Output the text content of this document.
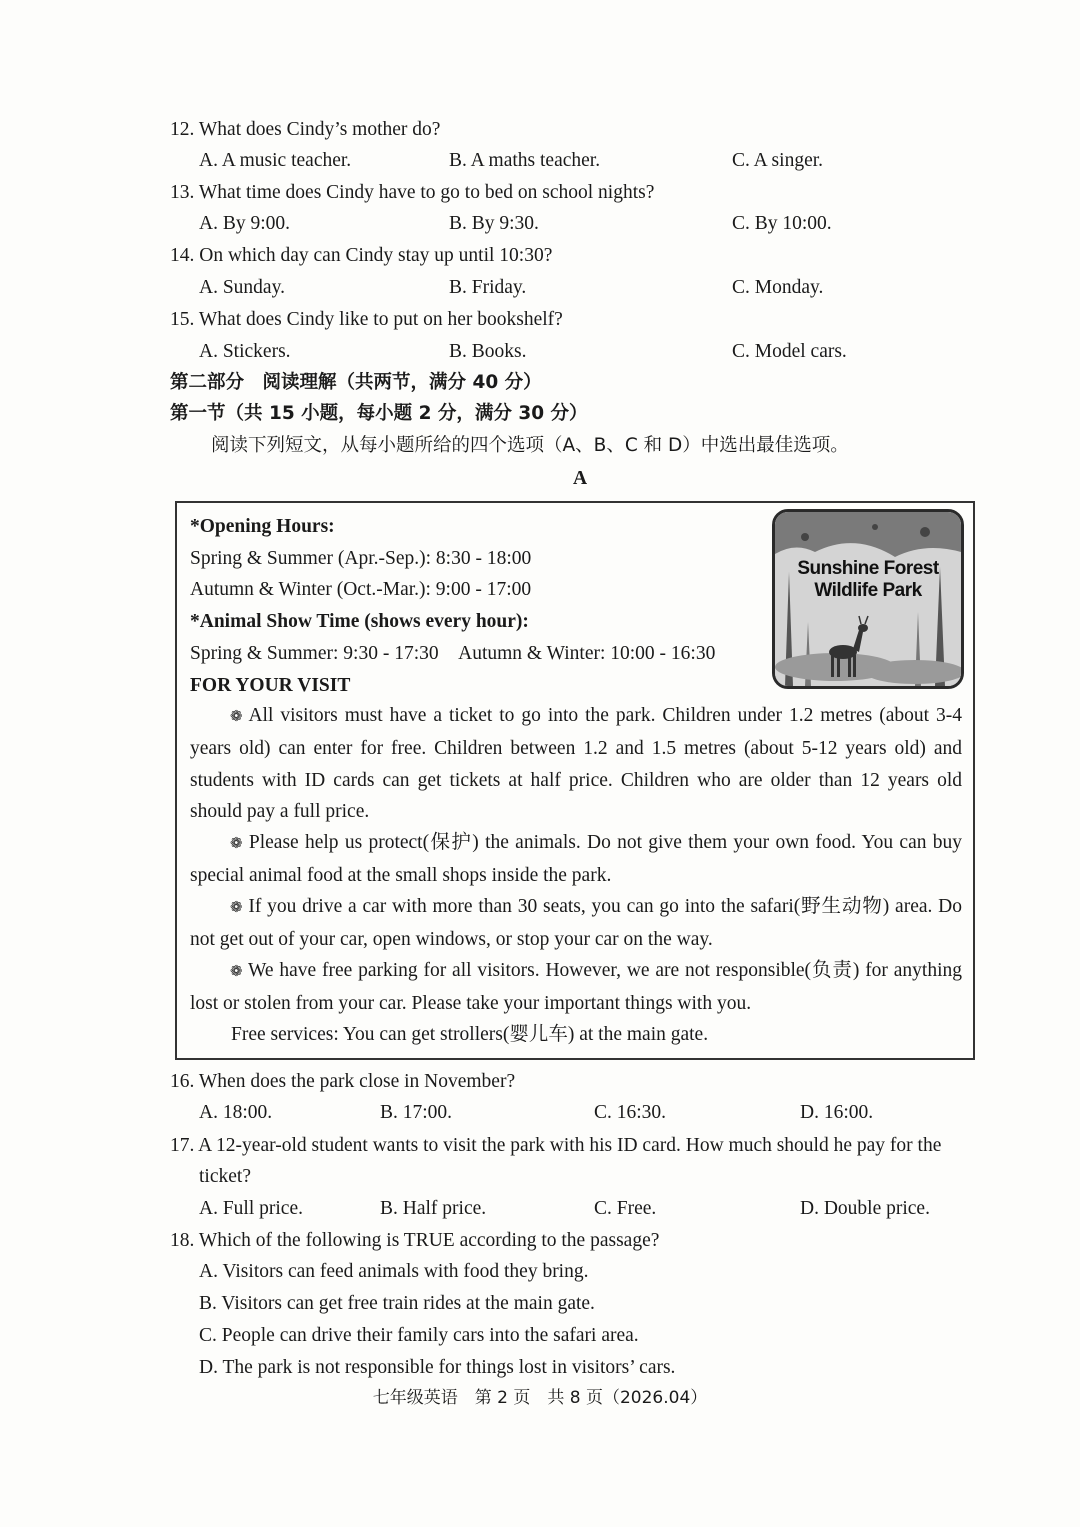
12. What does Cindy’s mother do?
A. A music teacher.	B. A maths teacher.	C. A singer.
13. What time does Cindy have to go to bed on school nights?
A. By 9:00.	B. By 9:30.	C. By 10:00.
14. On which day can Cindy stay up until 10:30?
A. Sunday.	B. Friday.	C. Monday.
15. What does Cindy like to put on her bookshelf?
A. Stickers.	B. Books.	C. Model cars.
第二部分　阅读理解（共两节，满分 40 分）
第一节（共 15 小题，每小题 2 分，满分 30 分）
阅读下列短文，从每小题所给的四个选项（A、B、C 和 D）中选出最佳选项。
A
*Opening Hours:
Spring & Summer (Apr.-Sep.): 8:30 - 18:00
Autumn & Winter (Oct.-Mar.): 9:00 - 17:00
*Animal Show Time (shows every hour):
Spring & Summer: 9:30 - 17:30　Autumn & Winter: 10:00 - 16:30
FOR YOUR VISIT
Sunshine Forest
Wildlife Park
❁ All visitors must have a ticket to go into the park. Children under 1.2 metres (about 3-4 years old) can enter for free. Children between 1.2 and 1.5 metres (about 5-12 years old) and students with ID cards can get tickets at half price. Children who are older than 12 years old should pay a full price.
❁ Please help us protect(保护) the animals. Do not give them your own food. You can buy special animal food at the small shops inside the park.
❁ If you drive a car with more than 30 seats, you can go into the safari(野生动物) area. Do not get out of your car, open windows, or stop your car on the way.
❁ We have free parking for all visitors. However, we are not responsible(负责) for anything lost or stolen from your car. Please take your important things with you.
Free services: You can get strollers(婴儿车) at the main gate.
16. When does the park close in November?
A. 18:00.	B. 17:00.	C. 16:30.	D. 16:00.
17. A 12-year-old student wants to visit the park with his ID card. How much should he pay for the
ticket?
A. Full price.	B. Half price.	C. Free.	D. Double price.
18. Which of the following is TRUE according to the passage?
A. Visitors can feed animals with food they bring.
B. Visitors can get free train rides at the main gate.
C. People can drive their family cars into the safari area.
D. The park is not responsible for things lost in visitors’ cars.
七年级英语　第 2 页　共 8 页（2026.04）
